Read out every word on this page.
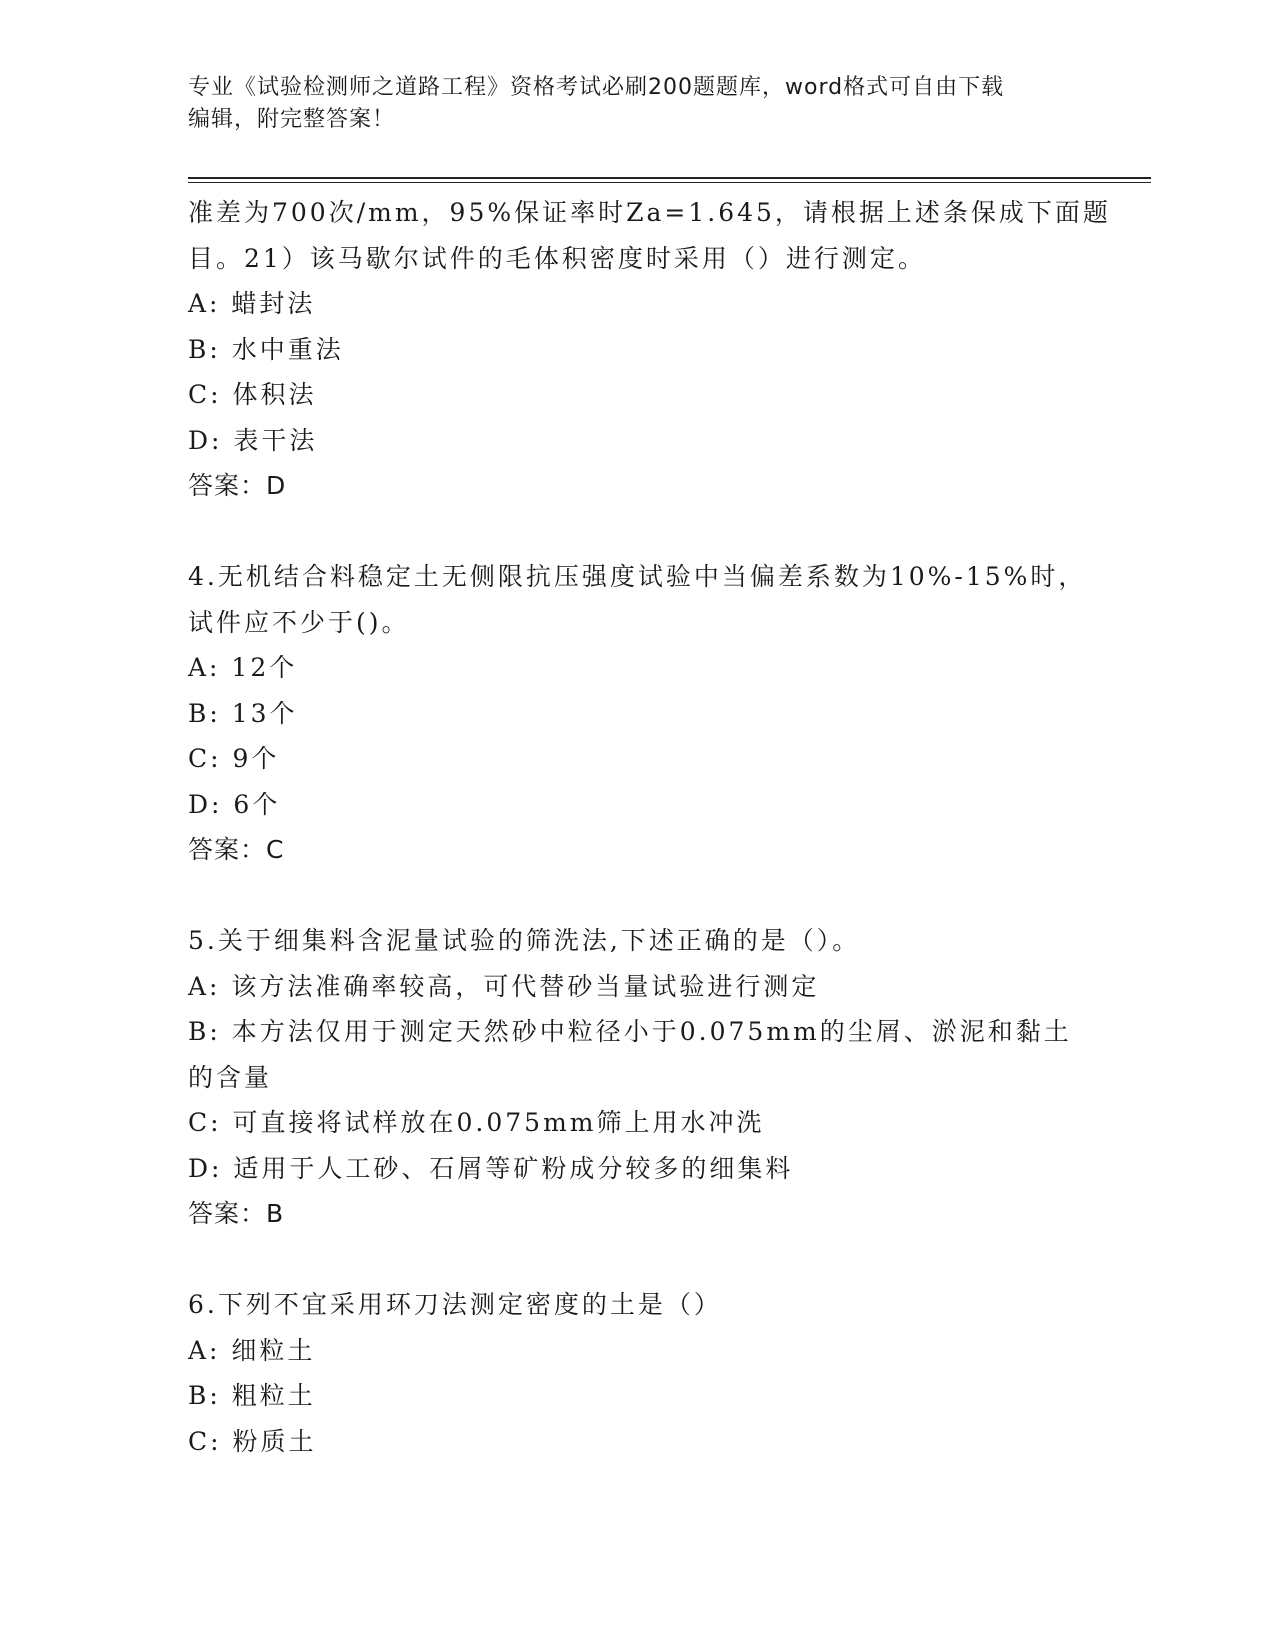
专业《试验检测师之道路工程》资格考试必刷200题题库，word格式可自由下载
编辑，附完整答案！
准差为700次/mm，95%保证率时Za=1.645，请根据上述条保成下面题
目。21）该马歇尔试件的毛体积密度时采用（）进行测定。
A: 蜡封法
B: 水中重法
C: 体积法
D: 表干法
答案：D
4.无机结合料稳定土无侧限抗压强度试验中当偏差系数为10%-15%时，
试件应不少于()。
A: 12个
B: 13个
C: 9个
D: 6个
答案：C
5.关于细集料含泥量试验的筛洗法,下述正确的是（）。
A: 该方法准确率较高，可代替砂当量试验进行测定
B: 本方法仅用于测定天然砂中粒径小于0.075mm的尘屑、淤泥和黏土
的含量
C: 可直接将试样放在0.075mm筛上用水冲洗
D: 适用于人工砂、石屑等矿粉成分较多的细集料
答案：B
6.下列不宜采用环刀法测定密度的土是（）
A: 细粒土
B: 粗粒土
C: 粉质土
